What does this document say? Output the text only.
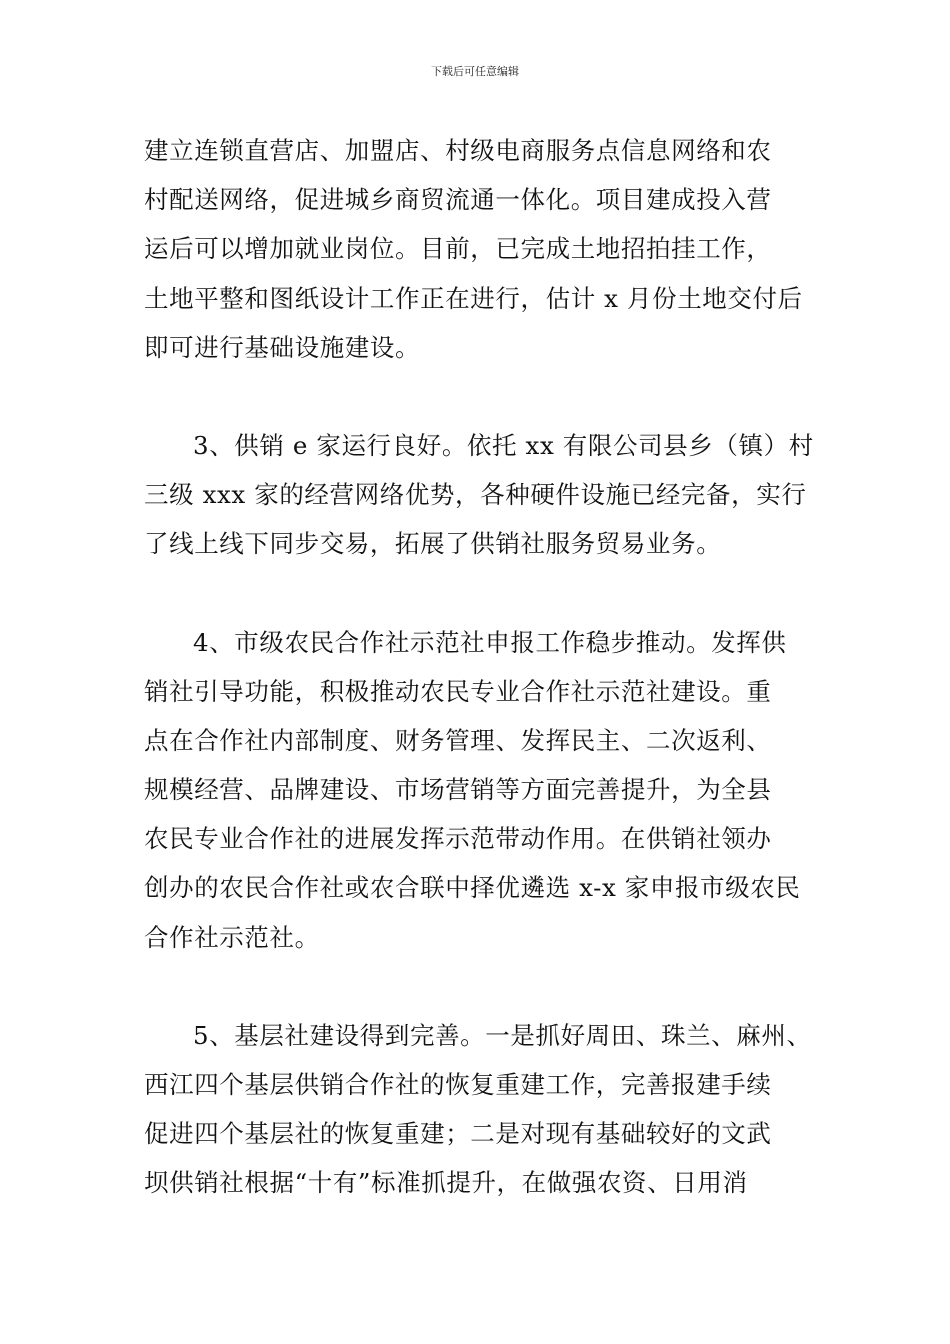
下载后可任意编辑
建立连锁直营店、加盟店、村级电商服务点信息网络和农
村配送网络，促进城乡商贸流通一体化。项目建成投入营
运后可以增加就业岗位。目前，已完成土地招拍挂工作，
土地平整和图纸设计工作正在进行，估计 x 月份土地交付后
即可进行基础设施建设。
3、供销 e 家运行良好。依托 xx 有限公司县乡（镇）村
三级 xxx 家的经营网络优势，各种硬件设施已经完备，实行
了线上线下同步交易，拓展了供销社服务贸易业务。
4、市级农民合作社示范社申报工作稳步推动。发挥供
销社引导功能，积极推动农民专业合作社示范社建设。重
点在合作社内部制度、财务管理、发挥民主、二次返利、
规模经营、品牌建设、市场营销等方面完善提升，为全县
农民专业合作社的进展发挥示范带动作用。在供销社领办
创办的农民合作社或农合联中择优遴选 x-x 家申报市级农民
合作社示范社。
5、基层社建设得到完善。一是抓好周田、珠兰、麻州、
西江四个基层供销合作社的恢复重建工作，完善报建手续
促进四个基层社的恢复重建；二是对现有基础较好的文武
坝供销社根据“十有”标准抓提升，在做强农资、日用消
